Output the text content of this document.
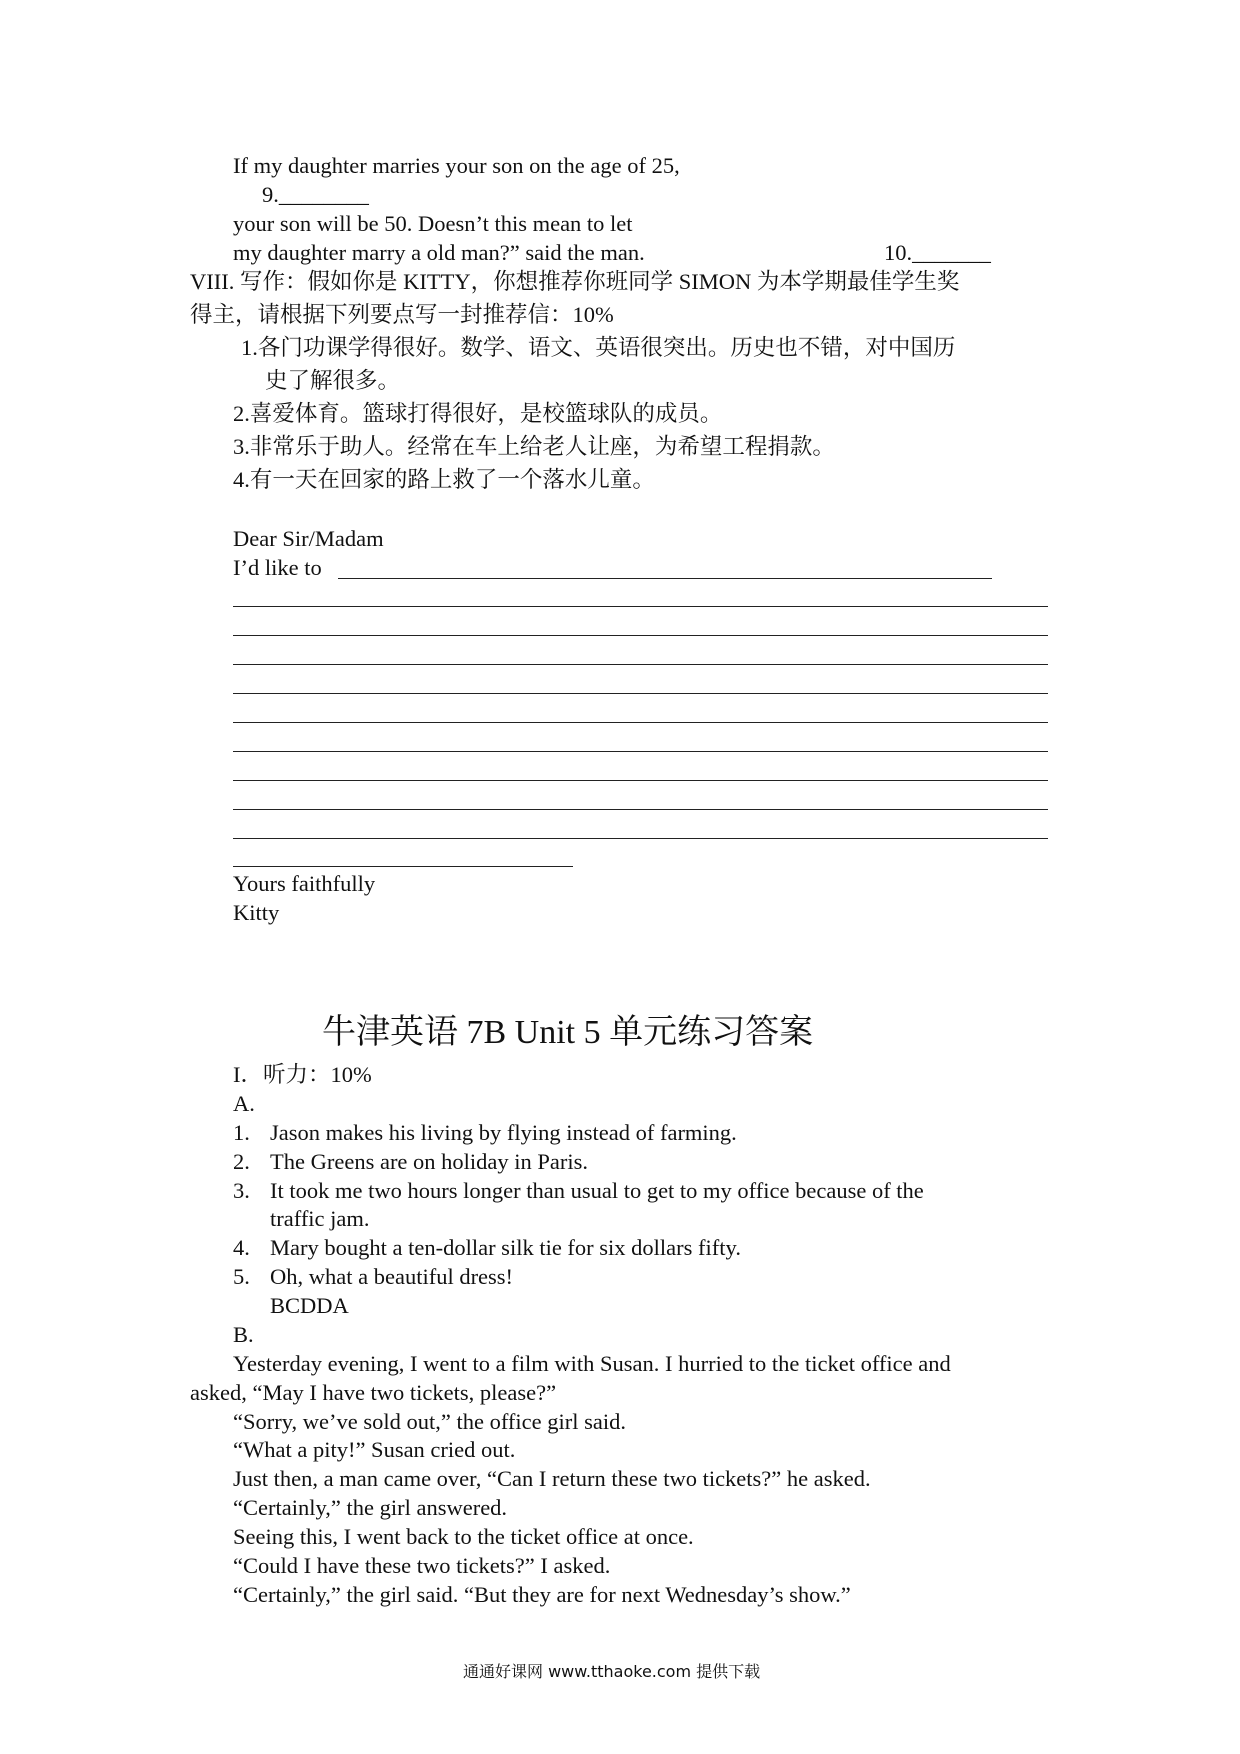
If my daughter marries your son on the age of 25,
9.________
your son will be 50. Doesn’t this mean to let
my daughter marry a old man?” said the man.	10._______
VIII. 写作：假如你是 KITTY，你想推荐你班同学 SIMON 为本学期最佳学生奖
得主，请根据下列要点写一封推荐信：10%
1.各门功课学得很好。数学、语文、英语很突出。历史也不错，对中国历
史了解很多。
2.喜爱体育。篮球打得很好，是校篮球队的成员。
3.非常乐于助人。经常在车上给老人让座，为希望工程捐款。
4.有一天在回家的路上救了一个落水儿童。
Dear Sir/Madam
I’d like to
Yours faithfully
Kitty
牛津英语 7B Unit 5 单元练习答案
I．听力：10%
A.
1. Jason makes his living by flying instead of farming.
2. The Greens are on holiday in Paris.
3. It took me two hours longer than usual to get to my office because of the
traffic jam.
4. Mary bought a ten-dollar silk tie for six dollars fifty.
5. Oh, what a beautiful dress!
BCDDA
B.
Yesterday evening, I went to a film with Susan. I hurried to the ticket office and
asked, “May I have two tickets, please?”
“Sorry, we’ve sold out,” the office girl said.
“What a pity!” Susan cried out.
Just then, a man came over, “Can I return these two tickets?” he asked.
“Certainly,” the girl answered.
Seeing this, I went back to the ticket office at once.
“Could I have these two tickets?” I asked.
“Certainly,” the girl said. “But they are for next Wednesday’s show.”
通通好课网 www.tthaoke.com 提供下载
